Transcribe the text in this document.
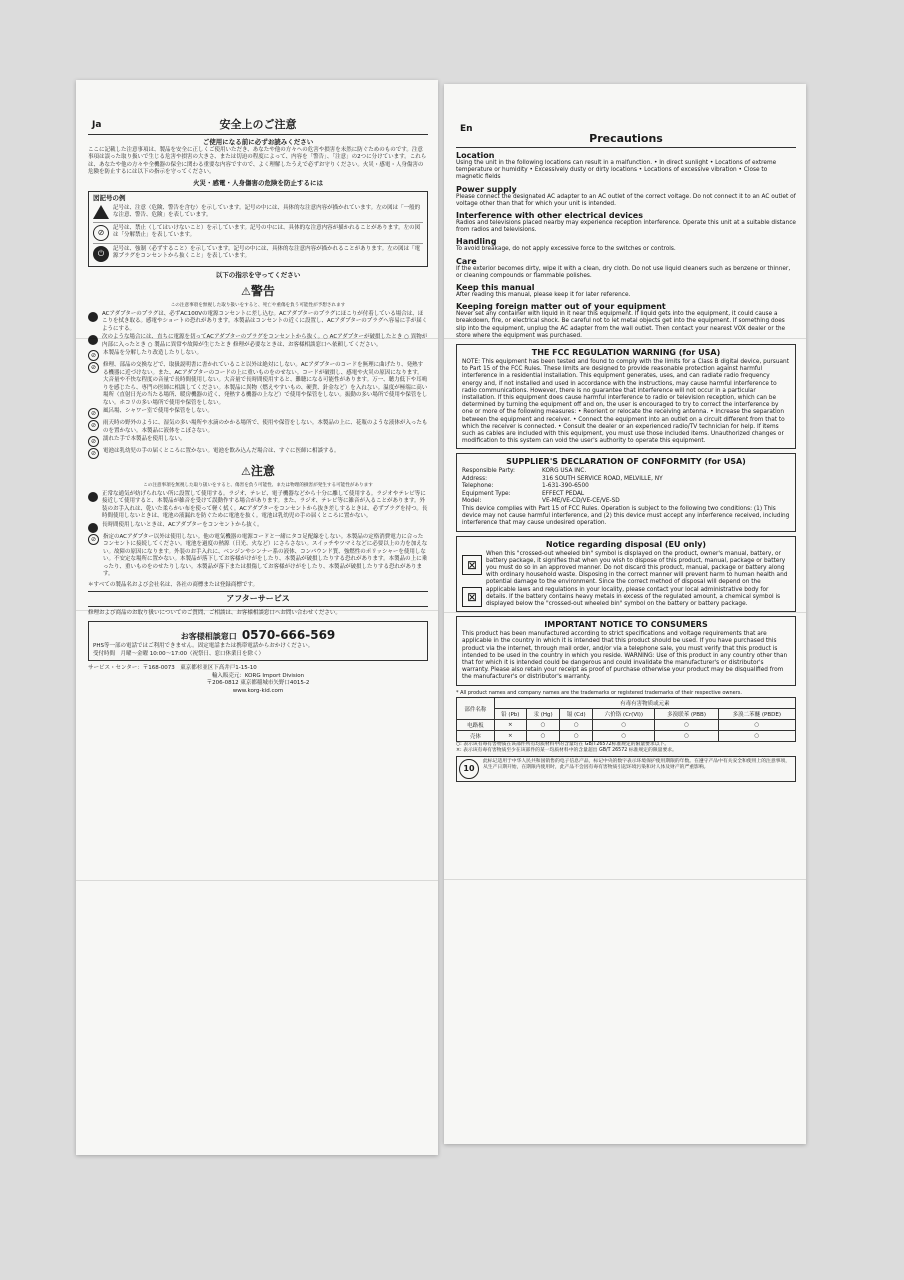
Ja	安全上のご注意
ご使用になる前に必ずお読みください
ここに記載した注意事項は、製品を安全に正しくご使用いただき、あなたや他の方々への危害や損害を未然に防ぐためのものです。注意事項は誤った取り扱いで生じる危害や損害の大きさ、または切迫の程度によって、内容を「警告」、「注意」の2つに分けています。これらは、あなたや他の方々や全機器の保全に関わる重要な内容ですので、よく理解したうえで必ずお守りください。火災・感電・人身傷害の危険を防止するには以下の指示を守ってください。
火災・感電・人身傷害の危険を防止するには
図記号の例
記号は、注意（危険、警告を含む）を示しています。記号の中には、具体的な注意内容が描かれています。左の図は「一般的な注意、警告、危険」を表しています。
⊘	記号は、禁止（してはいけないこと）を示しています。記号の中には、具体的な注意内容が描かれることがあります。左の図は「分解禁止」を表しています。
⏻	記号は、強制（必ずすること）を示しています。記号の中には、具体的な注意内容が描かれることがあります。左の図は「電源プラグをコンセントから抜くこと」を表しています。
以下の指示を守ってください
⚠警告
この注意事項を無視した取り扱いをすると、死亡や重傷を負う可能性が予想されます
ACアダプターのプラグは、必ずAC100Vの電源コンセントに差し込む。ACアダプターのプラグにほこりが付着している場合は、ほこりを拭き取る。感電やショートの恐れがあります。本製品はコンセントの近くに設置し、ACアダプターのプラグへ容易に手が届くようにする。
次のような場合には、直ちに電源を切ってACアダプターのプラグをコンセントから抜く。○ ACアダプターが破損したとき ○ 異物が内部に入ったとき ○ 製品に異常や故障が生じたとき 修理が必要なときは、お客様相談窓口へ依頼してください。
⊘	本製品を分解したり改造したりしない。
⊘	修理、部品の交換などで、取扱説明書に書かれていること以外は絶対にしない。ACアダプターのコードを無理に曲げたり、発熱する機器に近づけない。また、ACアダプターのコードの上に重いものをのせない。コードが破損し、感電や火災の原因になります。大音量や不快な程度の音量で長時間使用しない。大音量で長時間使用すると、難聴になる可能性があります。万一、聴力低下や耳鳴りを感じたら、専門の医師に相談してください。本製品に異物（燃えやすいもの、硬貨、針金など）を入れない。温度が極端に高い場所（直射日光の当たる場所、暖房機器の近く、発熱する機器の上など）で使用や保管をしない。振動の多い場所で使用や保管をしない。ホコリの多い場所で使用や保管をしない。
⊘	風呂場、シャワー室で使用や保管をしない。
⊘	雨天時の野外のように、湿気の多い場所や水滴のかかる場所で、使用や保管をしない。本製品の上に、花瓶のような液体が入ったものを置かない。本製品に液体をこぼさない。
⊘	濡れた手で本製品を使用しない。
⊘	電池は乳幼児の手の届くところに置かない。電池を飲み込んだ場合は、すぐに医師に相談する。
⚠注意
この注意事項を無視した取り扱いをすると、傷害を負う可能性、または物理的損害が発生する可能性があります
正常な通気が妨げられない所に設置して使用する。ラジオ、テレビ、電子機器などから十分に離して使用する。ラジオやテレビ等に接近して使用すると、本製品が雑音を受けて誤動作する場合があります。また、ラジオ、テレビ等に雑音が入ることがあります。外装のお手入れは、乾いた柔らかい布を使って軽く拭く。ACアダプターをコンセントから抜き差しするときは、必ずプラグを持つ。長時間使用しないときは、電池の液漏れを防ぐために電池を抜く。電池は乳幼児の手の届くところに置かない。
長時間使用しないときは、ACアダプターをコンセントから抜く。
⊘	指定のACアダプター以外は使用しない。他の電気機器の電源コードと一緒にタコ足配線をしない。本製品の定格消費電力に合ったコンセントに接続してください。電池を過度の熱源（日光、火など）にさらさない。スイッチやツマミなどに必要以上の力を加えない。故障の原因になります。外装のお手入れに、ベンジンやシンナー系の液体、コンパウンド質、強燃性のポリッシャーを使用しない。不安定な場所に置かない。本製品が落下してお客様がけがをしたり、本製品が破損したりする恐れがあります。本製品の上に乗ったり、重いものをのせたりしない。本製品が落下または損傷してお客様がけがをしたり、本製品が破損したりする恐れがあります。
＊すべての製品名および会社名は、各社の商標または登録商標です。
アフターサービス
修理および商品のお取り扱いについてのご質問、ご相談は、お客様相談窓口へお問い合わせください。
お客様相談窓口 0570-666-569
PHS等一部の電話ではご利用できません。固定電話または携帯電話からおかけください。
受付時間　月曜～金曜 10:00～17:00（祝祭日、窓口休業日を除く）
サービス・センター：〒168-0073　東京都杉並区下高井戸1-15-10
輸入販売元：KORG Import Division
〒206-0812 東京都稲城市矢野口4015-2
www.korg-kid.com
En
Precautions
Location
Using the unit in the following locations can result in a malfunction. • In direct sunlight • Locations of extreme temperature or humidity • Excessively dusty or dirty locations • Locations of excessive vibration • Close to magnetic fields
Power supply
Please connect the designated AC adapter to an AC outlet of the correct voltage. Do not connect it to an AC outlet of voltage other than that for which your unit is intended.
Interference with other electrical devices
Radios and televisions placed nearby may experience reception interference. Operate this unit at a suitable distance from radios and televisions.
Handling
To avoid breakage, do not apply excessive force to the switches or controls.
Care
If the exterior becomes dirty, wipe it with a clean, dry cloth. Do not use liquid cleaners such as benzene or thinner, or cleaning compounds or flammable polishes.
Keep this manual
After reading this manual, please keep it for later reference.
Keeping foreign matter out of your equipment
Never set any container with liquid in it near this equipment. If liquid gets into the equipment, it could cause a breakdown, fire, or electrical shock. Be careful not to let metal objects get into the equipment. If something does slip into the equipment, unplug the AC adapter from the wall outlet. Then contact your nearest VOX dealer or the store where the equipment was purchased.
THE FCC REGULATION WARNING (for USA)
NOTE: This equipment has been tested and found to comply with the limits for a Class B digital device, pursuant to Part 15 of the FCC Rules. These limits are designed to provide reasonable protection against harmful interference in a residential installation. This equipment generates, uses, and can radiate radio frequency energy and, if not installed and used in accordance with the instructions, may cause harmful interference to radio communications. However, there is no guarantee that interference will not occur in a particular installation. If this equipment does cause harmful interference to radio or television reception, which can be determined by turning the equipment off and on, the user is encouraged to try to correct the interference by one or more of the following measures: • Reorient or relocate the receiving antenna. • Increase the separation between the equipment and receiver. • Connect the equipment into an outlet on a circuit different from that to which the receiver is connected. • Consult the dealer or an experienced radio/TV technician for help. If items such as cables are included with this equipment, you must use those included items. Unauthorized changes or modification to this system can void the user's authority to operate this equipment.
SUPPLIER'S DECLARATION OF CONFORMITY (for USA)
Responsible Party:	KORG USA INC.
Address:	316 SOUTH SERVICE ROAD, MELVILLE, NY
Telephone:	1-631-390-6500
Equipment Type:	EFFECT PEDAL
Model:	VE-ME/VE-CD/VE-CE/VE-SD
This device complies with Part 15 of FCC Rules. Operation is subject to the following two conditions: (1) This device may not cause harmful interference, and (2) this device must accept any interference received, including interference that may cause undesired operation.
Notice regarding disposal (EU only)
⊠
⊠
When this "crossed-out wheeled bin" symbol is displayed on the product, owner's manual, battery, or battery package, it signifies that when you wish to dispose of this product, manual, package or battery you must do so in an approved manner. Do not discard this product, manual, package or battery along with ordinary household waste. Disposing in the correct manner will prevent harm to human health and potential damage to the environment. Since the correct method of disposal will depend on the applicable laws and regulations in your locality, please contact your local administrative body for details. If the battery contains heavy metals in excess of the regulated amount, a chemical symbol is displayed below the "crossed-out wheeled bin" symbol on the battery or battery package.
IMPORTANT NOTICE TO CONSUMERS
This product has been manufactured according to strict specifications and voltage requirements that are applicable in the country in which it is intended that this product should be used. If you have purchased this product via the internet, through mail order, and/or via a telephone sale, you must verify that this product is intended to be used in the country in which you reside. WARNING: Use of this product in any country other than that for which it is intended could be dangerous and could invalidate the manufacturer's or distributor's warranty. Please also retain your receipt as proof of purchase otherwise your product may be disqualified from the manufacturer's or distributor's warranty.
* All product names and company names are the trademarks or registered trademarks of their respective owners.
部件名称	有毒有害物质或元素					
	铅 (Pb)	汞 (Hg)	镉 (Cd)	六价铬 (Cr(VI))	多溴联苯 (PBB)	多溴二苯醚 (PBDE)
电路板	×	○	○	○	○	○
壳体	×	○	○	○	○	○
○: 表示该有毒有害物质在该部件所有均质材料中的含量均在 GB/T26572标准规定的限量要求以下。
×: 表示该有毒有害物质至少在该部件的某一均质材料中的含量超出 GB/T 26572 标准规定的限量要求。
10
此标记适用于中华人民共和国销售的电子信息产品，标记中央的数字表示环境保护使用期限的年数。在遵守产品中有关安全和使用上的注意事项，从生产日期开始，在期限内使用时，此产品不会因有毒有害物质引起环境污染和对人体及财产的严重影响。
